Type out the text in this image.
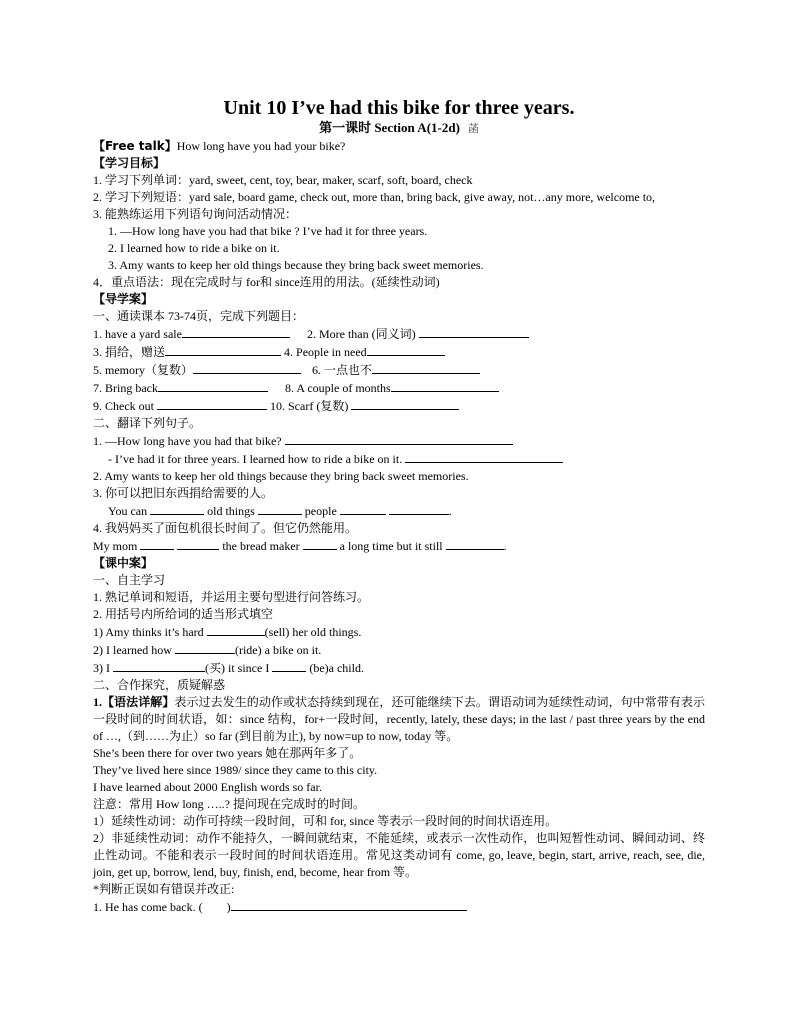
Unit 10 I’ve had this bike for three years.
第一课时 Section A(1-2d) 菡
【Free talk】How long have you had your bike?
【学习目标】
1. 学习下列单词：yard, sweet, cent, toy, bear, maker, scarf, soft, board, check
2. 学习下列短语：yard sale, board game, check out, more than, bring back, give away, not…any more, welcome to,
3. 能熟练运用下列语句询问活动情况：
1. —How long have you had that bike ? I’ve had it for three years.
2. I learned how to ride a bike on it.
3. Amy wants to keep her old things because they bring back sweet memories.
4．重点语法：现在完成时与 for和 since连用的用法。(延续性动词)
【导学案】
一、通读课本 73-74页，完成下列题目：
1. have a yard sale	2. More than (同义词)
3. 捐给，赠送	4. People in need
5. memory（复数）	6. 一点也不
7. Bring back	8. A couple of months
9. Check out	10. Scarf (复数)
二、翻译下列句子。
1. —How long have you had that bike?
- I’ve had it for three years. I learned how to ride a bike on it.
2. Amy wants to keep her old things because they bring back sweet memories.
3. 你可以把旧东西捐给需要的人。
You can	old things	people	.
4. 我妈妈买了面包机很长时间了。但它仍然能用。
My mom	the bread maker	a long time but it still	.
【课中案】
一、自主学习
1. 熟记单词和短语，并运用主要句型进行问答练习。
2. 用括号内所给词的适当形式填空
1) Amy thinks it’s hard	(sell) her old things.
2) I learned how	(ride) a bike on it.
3) I	(买) it since I	(be)a child.
二、合作探究，质疑解惑
1.【语法详解】表示过去发生的动作或状态持续到现在，还可能继续下去。谓语动词为延续性动词，句中常带有表示一段时间的时间状语，如：since 结构，for+一段时间，recently, lately, these days; in the last / past three years by the end of …,（到……为止）so far (到目前为止), by now=up to now, today 等。
She’s been there for over two years 她在那两年多了。
They’ve lived here since 1989/ since they came to this city.
I have learned about 2000 English words so far.
注意：常用 How long …..? 提问现在完成时的时间。
1）延续性动词：动作可持续一段时间，可和 for, since 等表示一段时间的时间状语连用。
2）非延续性动词：动作不能持久，一瞬间就结束，不能延续，或表示一次性动作，也叫短暂性动词、瞬间动词、终止性动词。不能和表示一段时间的时间状语连用。常见这类动词有 come, go, leave, begin, start, arrive, reach, see, die, join, get up, borrow, lend, buy, finish, end, become, hear from 等。
*判断正误如有错误并改正:
1. He has come back. ( )
